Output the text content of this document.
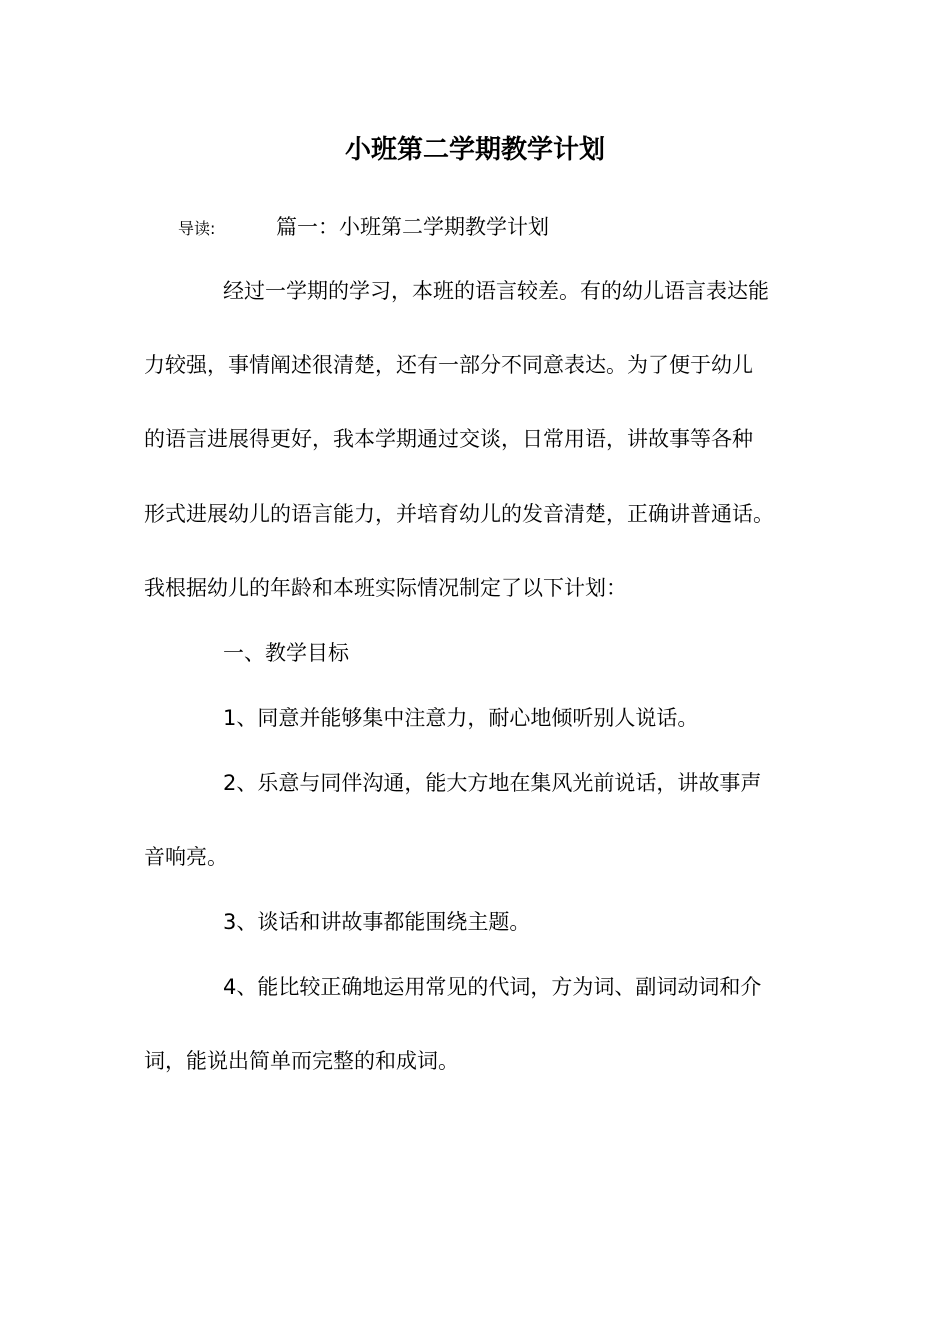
小班第二学期教学计划
导读:	篇一：小班第二学期教学计划

经过一学期的学习，本班的语言较差。有的幼儿语言表达能

力较强，事情阐述很清楚，还有一部分不同意表达。为了便于幼儿

的语言进展得更好，我本学期通过交谈，日常用语，讲故事等各种

形式进展幼儿的语言能力，并培育幼儿的发音清楚，正确讲普通话。

我根据幼儿的年龄和本班实际情况制定了以下计划：

一、教学目标

1、同意并能够集中注意力，耐心地倾听别人说话。

2、乐意与同伴沟通，能大方地在集风光前说话，讲故事声

音响亮。

3、谈话和讲故事都能围绕主题。

4、能比较正确地运用常见的代词，方为词、副词动词和介

词，能说出简单而完整的和成词。
